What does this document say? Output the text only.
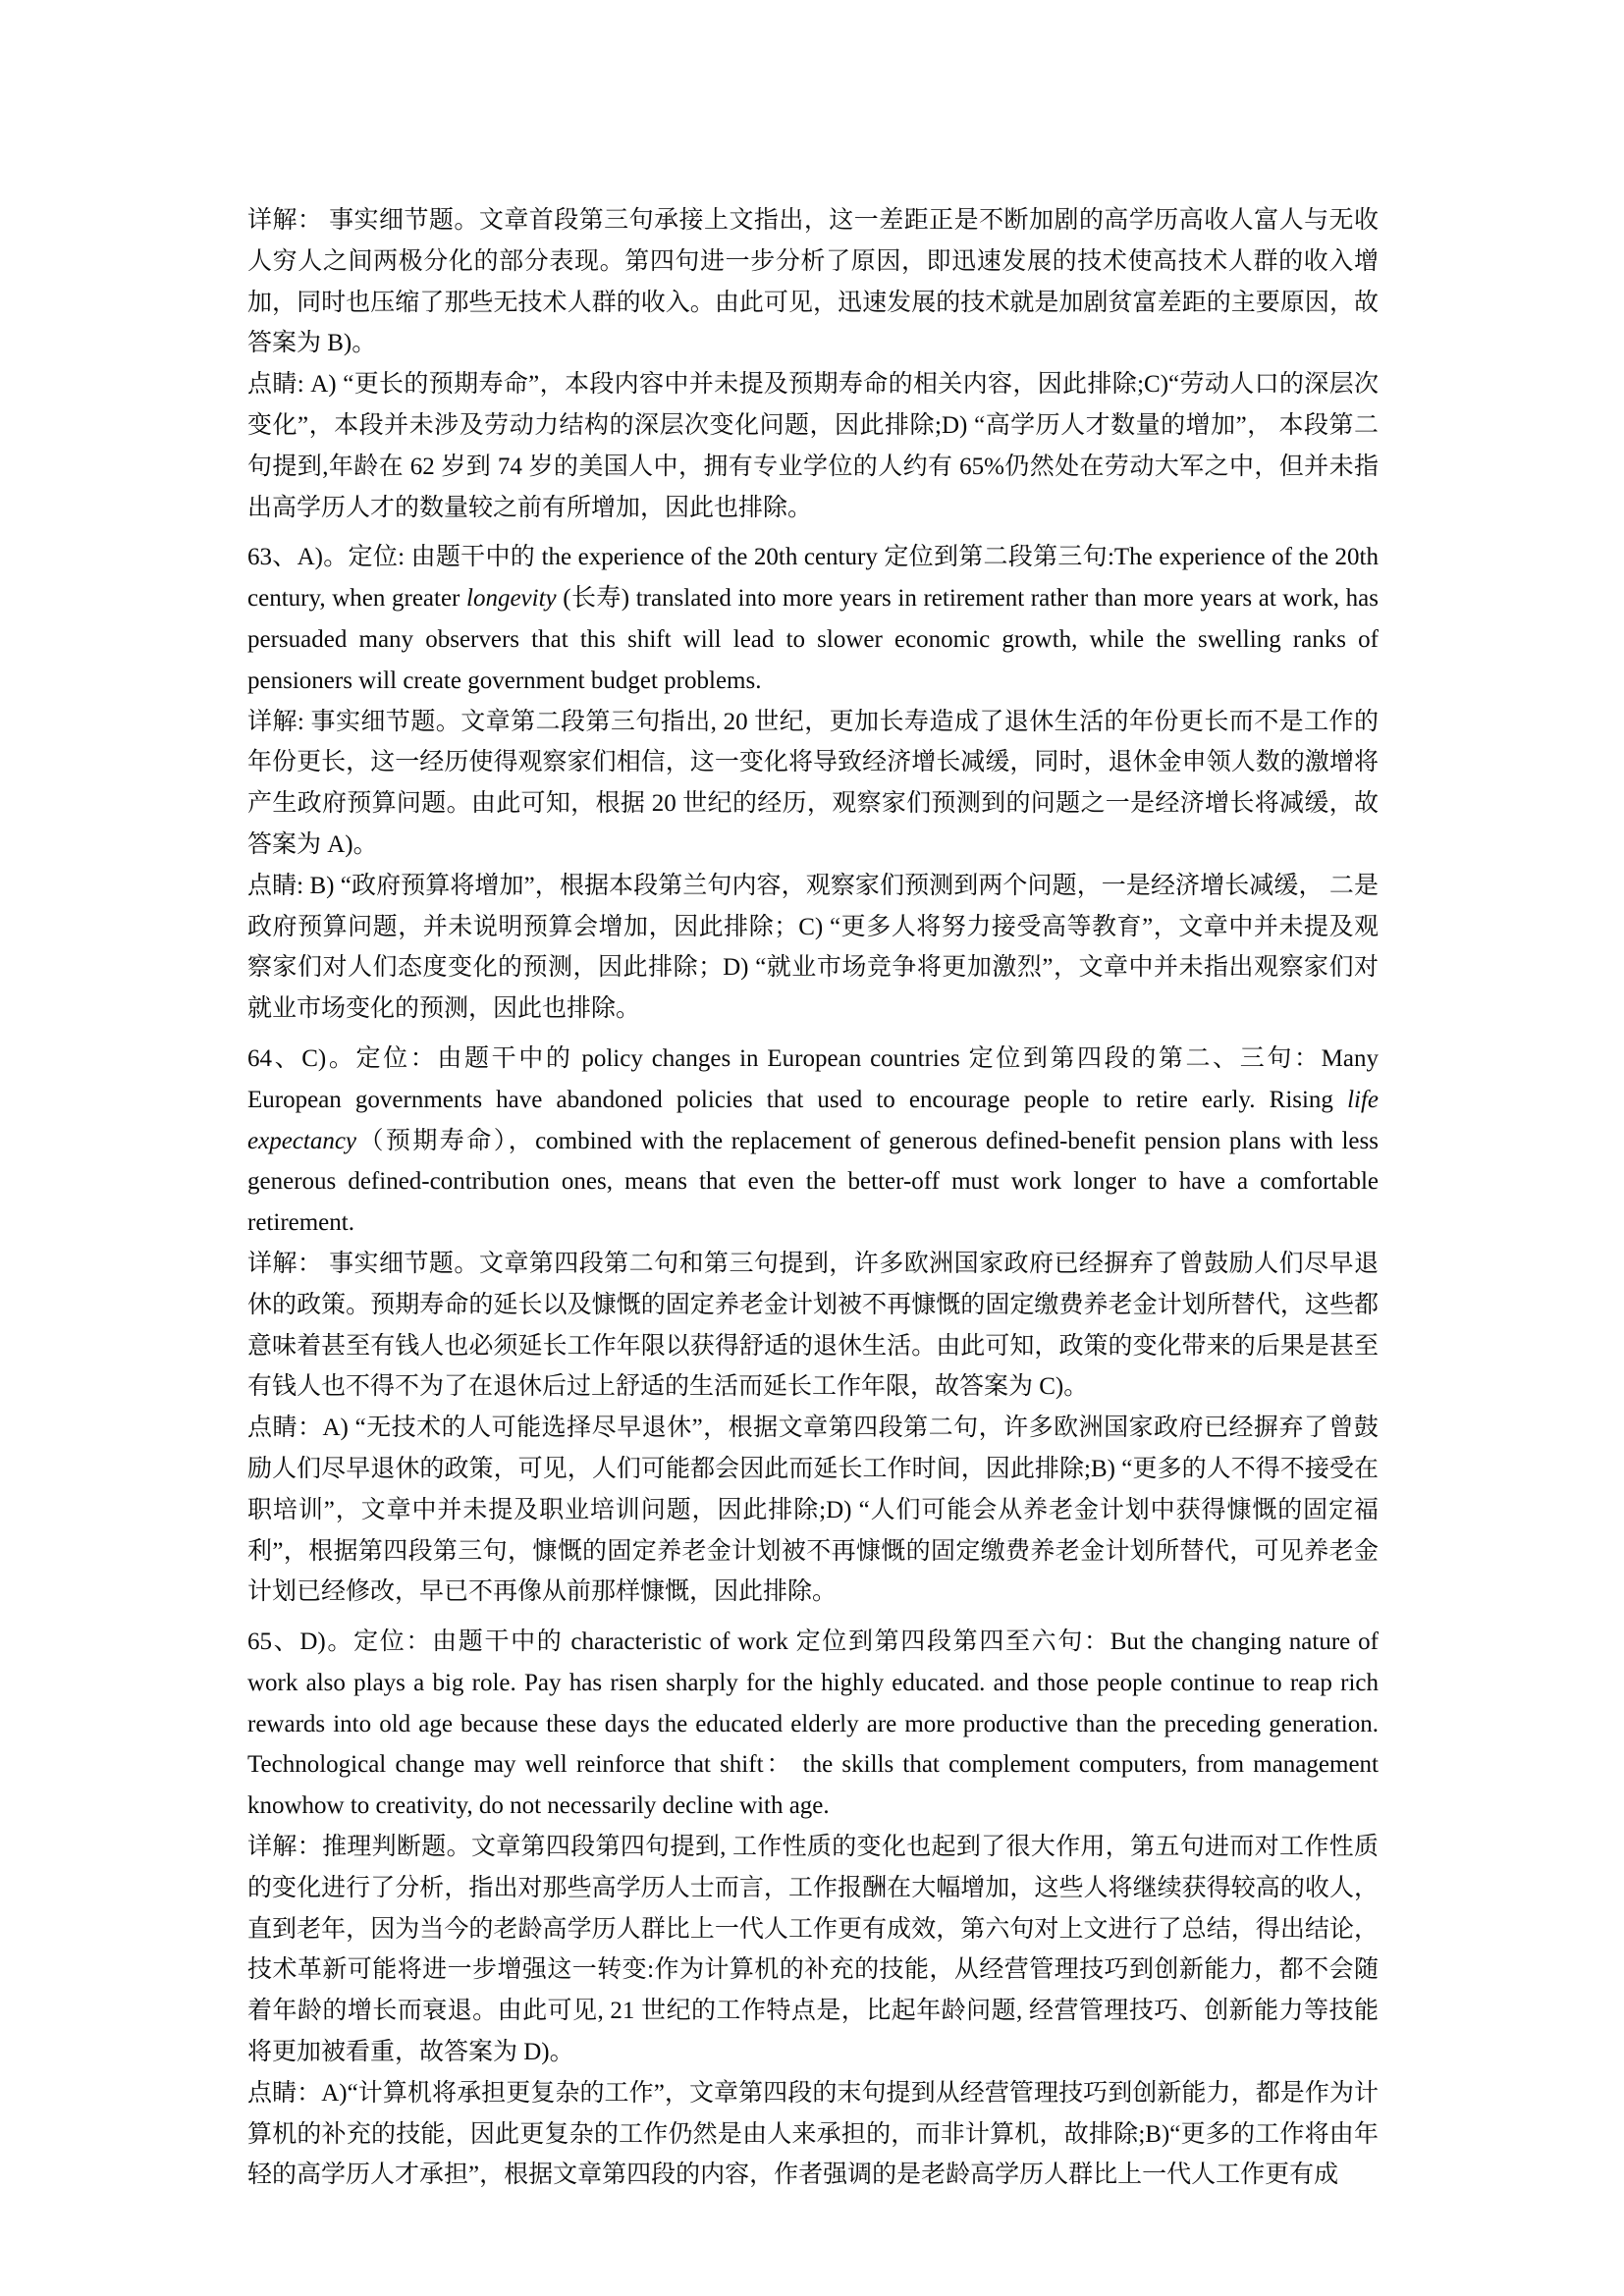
详解： 事实细节题。文章首段第三句承接上文指出，这一差距正是不断加剧的高学历高收人富人与无收人穷人之间两极分化的部分表现。第四句进一步分析了原因，即迅速发展的技术使高技术人群的收入增加，同时也压缩了那些无技术人群的收入。由此可见，迅速发展的技术就是加剧贫富差距的主要原因，故答案为 B)。

点睛: A) “更长的预期寿命”，本段内容中并未提及预期寿命的相关内容，因此排除;C)“劳动人口的深层次变化”，本段并未涉及劳动力结构的深层次变化问题，因此排除;D) “高学历人才数量的增加”， 本段第二句提到,年龄在 62 岁到 74 岁的美国人中，拥有专业学位的人约有 65%仍然处在劳动大军之中，但并未指出高学历人才的数量较之前有所增加，因此也排除。

63、A)。定位: 由题干中的 the experience of the 20th century 定位到第二段第三句:The experience of the 20th century, when greater longevity (长寿) translated into more years in retirement rather than more years at work, has persuaded many observers that this shift will lead to slower economic growth, while the swelling ranks of pensioners will create government budget problems.

详解: 事实细节题。文章第二段第三句指出, 20 世纪，更加长寿造成了退休生活的年份更长而不是工作的年份更长，这一经历使得观察家们相信，这一变化将导致经济增长减缓，同时，退休金申领人数的激增将产生政府预算问题。由此可知，根据 20 世纪的经历，观察家们预测到的问题之一是经济增长将减缓，故答案为 A)。

点睛: B) “政府预算将增加”，根据本段第兰句内容，观察家们预测到两个问题，一是经济增长减缓， 二是政府预算问题，并未说明预算会增加，因此排除；C) “更多人将努力接受高等教育”，文章中并未提及观察家们对人们态度变化的预测，因此排除；D) “就业市场竞争将更加激烈”，文章中并未指出观察家们对就业市场变化的预测，因此也排除。

64、C)。定位：由题干中的 policy changes in European countries 定位到第四段的第二、三句：Many European governments have abandoned policies that used to encourage people to retire early. Rising life expectancy（预期寿命），combined with the replacement of generous defined-benefit pension plans with less generous defined-contribution ones, means that even the better-off must work longer to have a comfortable retirement.

详解： 事实细节题。文章第四段第二句和第三句提到，许多欧洲国家政府已经摒弃了曾鼓励人们尽早退休的政策。预期寿命的延长以及慷慨的固定养老金计划被不再慷慨的固定缴费养老金计划所替代，这些都意味着甚至有钱人也必须延长工作年限以获得舒适的退休生活。由此可知，政策的变化带来的后果是甚至有钱人也不得不为了在退休后过上舒适的生活而延长工作年限，故答案为 C)。

点睛：A) “无技术的人可能选择尽早退休”，根据文章第四段第二句，许多欧洲国家政府已经摒弃了曾鼓励人们尽早退休的政策，可见，人们可能都会因此而延长工作时间，因此排除;B) “更多的人不得不接受在职培训”，文章中并未提及职业培训问题，因此排除;D) “人们可能会从养老金计划中获得慷慨的固定福利”，根据第四段第三句，慷慨的固定养老金计划被不再慷慨的固定缴费养老金计划所替代，可见养老金计划已经修改，早已不再像从前那样慷慨，因此排除。

65、D)。定位：由题干中的 characteristic of work 定位到第四段第四至六句：But the changing nature of work also plays a big role. Pay has risen sharply for the highly educated. and those people continue to reap rich rewards into old age because these days the educated elderly are more productive than the preceding generation. Technological change may well reinforce that shift： the skills that complement computers, from management knowhow to creativity, do not necessarily decline with age.

详解：推理判断题。文章第四段第四句提到, 工作性质的变化也起到了很大作用，第五句进而对工作性质的变化进行了分析，指出对那些高学历人士而言，工作报酬在大幅增加，这些人将继续获得较高的收人，直到老年，因为当今的老龄高学历人群比上一代人工作更有成效，第六句对上文进行了总结，得出结论，技术革新可能将进一步增强这一转变:作为计算机的补充的技能，从经营管理技巧到创新能力，都不会随着年龄的增长而衰退。由此可见, 21 世纪的工作特点是，比起年龄问题, 经营管理技巧、创新能力等技能将更加被看重，故答案为 D)。

点睛：A)“计算机将承担更复杂的工作”，文章第四段的末句提到从经营管理技巧到创新能力，都是作为计算机的补充的技能，因此更复杂的工作仍然是由人来承担的，而非计算机，故排除;B)“更多的工作将由年轻的高学历人才承担”，根据文章第四段的内容，作者强调的是老龄高学历人群比上一代人工作更有成
